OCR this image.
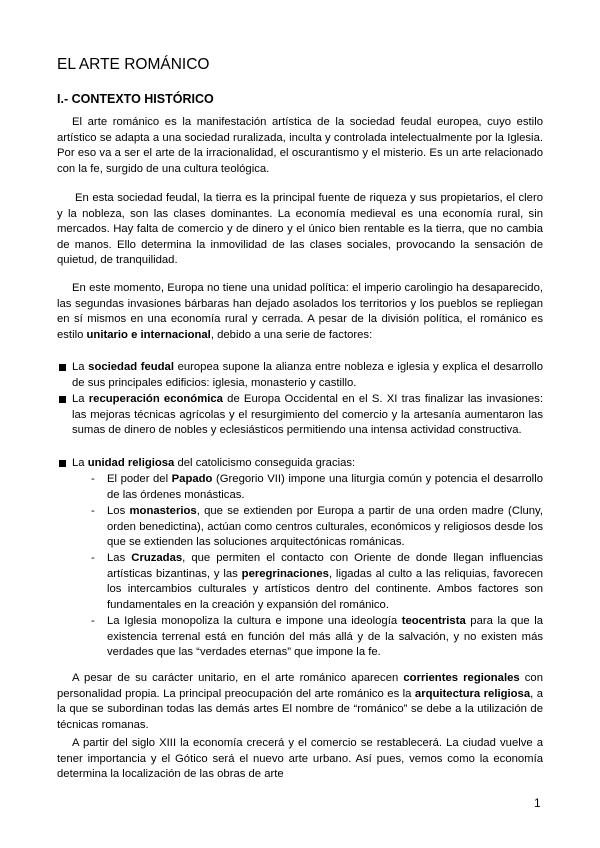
EL ARTE ROMÁNICO
I.- CONTEXTO HISTÓRICO

El arte románico es la manifestación artística de la sociedad feudal europea, cuyo estilo artístico se adapta a una sociedad ruralizada, inculta y controlada intelectualmente por la Iglesia. Por eso va a ser el arte de la irracionalidad, el oscurantismo y el misterio. Es un arte relacionado con la fe, surgido de una cultura teológica.

En esta sociedad feudal, la tierra es la principal fuente de riqueza y sus propietarios, el clero y la nobleza, son las clases dominantes. La economía medieval es una economía rural, sin mercados. Hay falta de comercio y de dinero y el único bien rentable es la tierra, que no cambia de manos. Ello determina la inmovilidad de las clases sociales, provocando la sensación de quietud, de tranquilidad.

En este momento, Europa no tiene una unidad política: el imperio carolingio ha desaparecido, las segundas invasiones bárbaras han dejado asolados los territorios y los pueblos se repliegan en sí mismos en una economía rural y cerrada. A pesar de la división política, el románico es estilo unitario e internacional, debido a una serie de factores:

La sociedad feudal europea supone la alianza entre nobleza e iglesia y explica el desarrollo de sus principales edificios: iglesia, monasterio y castillo.
La recuperación económica de Europa Occidental en el S. XI tras finalizar las invasiones: las mejoras técnicas agrícolas y el resurgimiento del comercio y la artesanía aumentaron las sumas de dinero de nobles y eclesiásticos permitiendo una intensa actividad constructiva.
La unidad religiosa del catolicismo conseguida gracias:
- El poder del Papado (Gregorio VII) impone una liturgia común y potencia el desarrollo de las órdenes monásticas.
- Los monasterios, que se extienden por Europa a partir de una orden madre (Cluny, orden benedictina), actúan como centros culturales, económicos y religiosos desde los que se extienden las soluciones arquitectónicas románicas.
- Las Cruzadas, que permiten el contacto con Oriente de donde llegan influencias artísticas bizantinas, y las peregrinaciones, ligadas al culto a las reliquias, favorecen los intercambios culturales y artísticos dentro del continente. Ambos factores son fundamentales en la creación y expansión del románico.
- La Iglesia monopoliza la cultura e impone una ideología teocentrista para la que la existencia terrenal está en función del más allá y de la salvación, y no existen más verdades que las “verdades eternas” que impone la fe.

A pesar de su carácter unitario, en el arte románico aparecen corrientes regionales con personalidad propia. La principal preocupación del arte románico es la arquitectura religiosa, a la que se subordinan todas las demás artes El nombre de “románico” se debe a la utilización de técnicas romanas.

A partir del siglo XIII la economía crecerá y el comercio se restablecerá. La ciudad vuelve a tener importancia y el Gótico será el nuevo arte urbano. Así pues, vemos como la economía determina la localización de las obras de arte

1
